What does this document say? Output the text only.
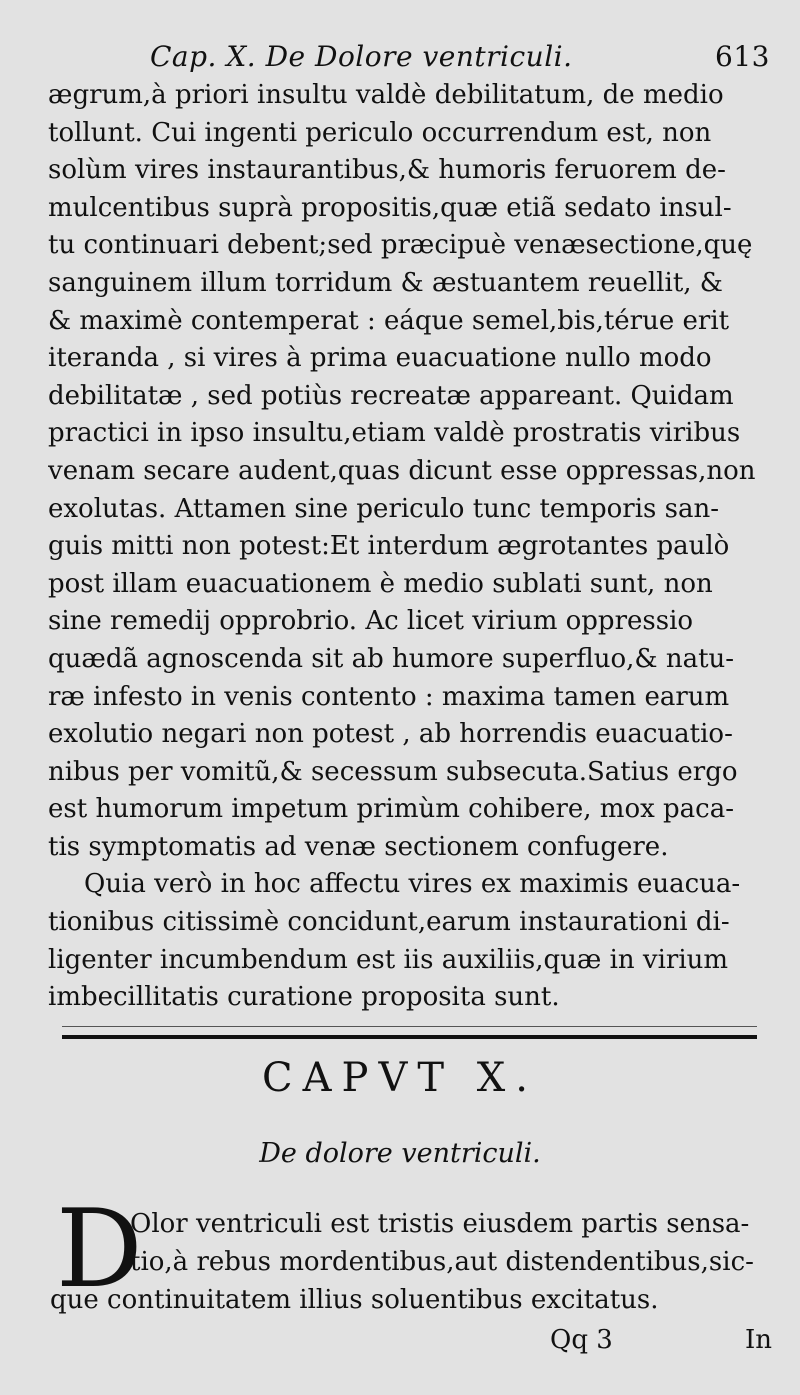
Cap. X. De Dolore ventriculi.	613
ægrum,à priori insultu valdè debilitatum, de medio
tollunt. Cui ingenti periculo occurrendum est, non
solùm vires instaurantibus,& humoris feruorem de-
mulcentibus suprà propositis,quæ etiã sedato insul-
tu continuari debent;sed præcipuè venæsectione,quę
sanguinem illum torridum & æstuantem reuellit, &
& maximè contemperat : eáque semel,bis,térue erit
iteranda , si vires à prima euacuatione nullo modo
debilitatæ , sed potiùs recreatæ appareant. Quidam
practici in ipso insultu,etiam valdè prostratis viribus
venam secare audent,quas dicunt esse oppressas,non
exolutas. Attamen sine periculo tunc temporis san-
guis mitti non potest:Et interdum ægrotantes paulò
post illam euacuationem è medio sublati sunt, non
sine remedij opprobrio. Ac licet virium oppressio
quædã agnoscenda sit ab humore superfluo,& natu-
ræ infesto in venis contento : maxima tamen earum
exolutio negari non potest , ab horrendis euacuatio-
nibus per vomitũ,& secessum subsecuta.Satius ergo
est humorum impetum primùm cohibere, mox paca-
tis symptomatis ad venæ sectionem confugere.
Quia verò in hoc affectu vires ex maximis euacua-
tionibus citissimè concidunt,earum instaurationi di-
ligenter incumbendum est iis auxiliis,quæ in virium
imbecillitatis curatione proposita sunt.
CAPVT X.
De dolore ventriculi.
D
Olor ventriculi est tristis eiusdem partis sensa-
tio,à rebus mordentibus,aut distendentibus,sic-
que continuitatem illius soluentibus excitatus.
Qq 3	In
